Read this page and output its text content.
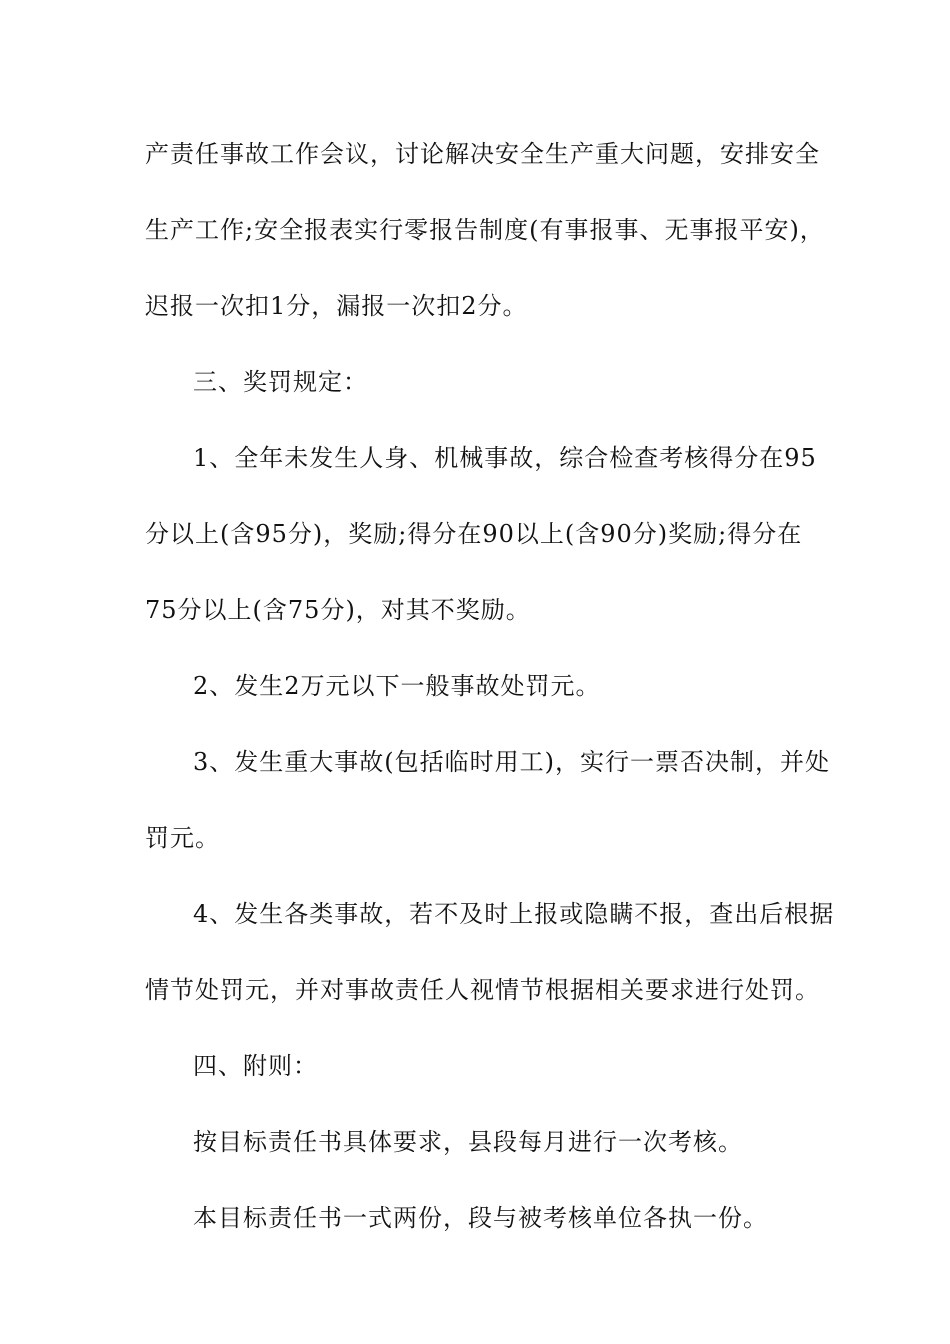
产责任事故工作会议，讨论解决安全生产重大问题，安排安全
生产工作;安全报表实行零报告制度(有事报事、无事报平安)，
迟报一次扣1分，漏报一次扣2分。
三、奖罚规定：
1、全年未发生人身、机械事故，综合检查考核得分在95
分以上(含95分)，奖励;得分在90以上(含90分)奖励;得分在
75分以上(含75分)，对其不奖励。
2、发生2万元以下一般事故处罚元。
3、发生重大事故(包括临时用工)，实行一票否决制，并处
罚元。
4、发生各类事故，若不及时上报或隐瞒不报，查出后根据
情节处罚元，并对事故责任人视情节根据相关要求进行处罚。
四、附则：
按目标责任书具体要求，县段每月进行一次考核。
本目标责任书一式两份，段与被考核单位各执一份。
